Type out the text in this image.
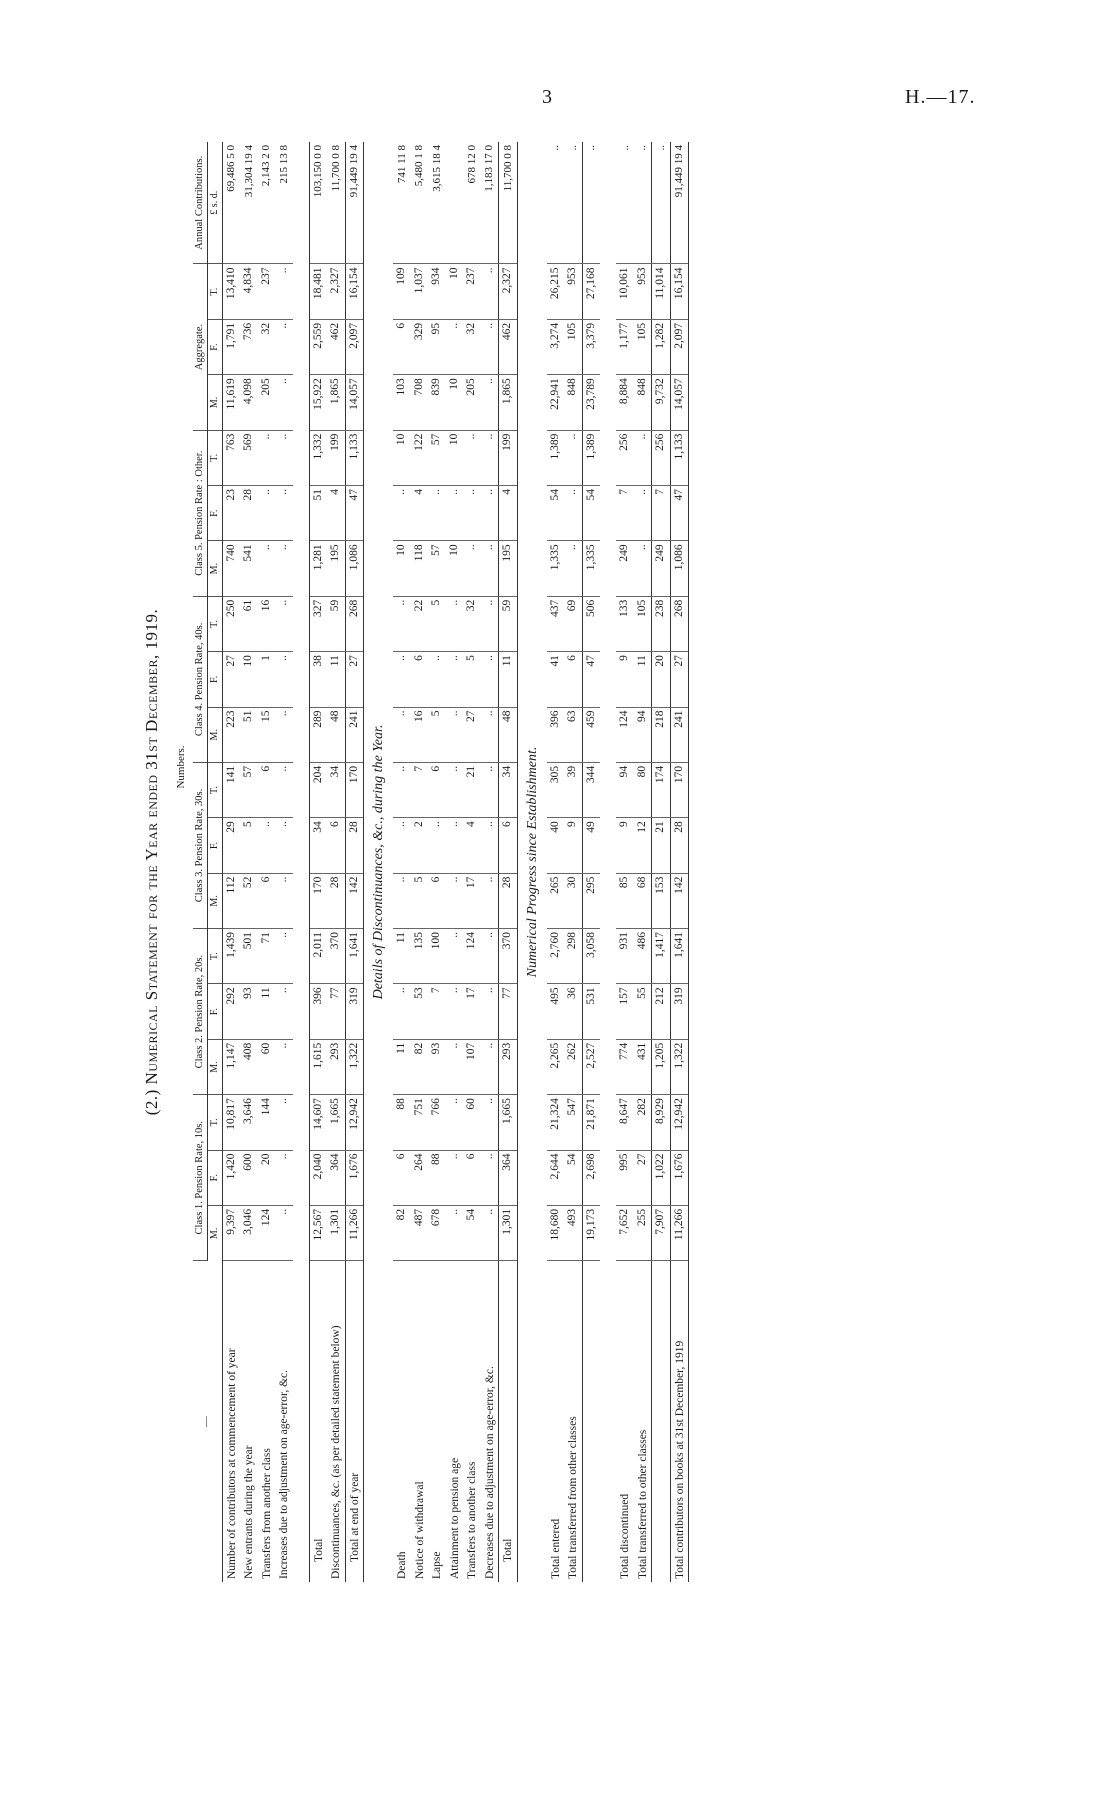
3	H.—17.
(2.) Numerical Statement for the Year ended 31st December, 1919.	Numbers.
—	Class 1. Pension Rate, 10s.			Class 2. Pension Rate, 20s.			Class 3. Pension Rate, 30s.			Class 4. Pension Rate, 40s.			Class 5. Pension Rate : Other.			Aggregate.			Annual Contributions.
	M.	F.	T.	M.	F.	T.	M.	F.	T.	M.	F.	T.	M.	F.	T.	M.	F.	T.	£ s. d.
Number of contributors at commencement of year	9,397	1,420	10,817	1,147	292	1,439	112	29	141	223	27	250	740	23	763	11,619	1,791	13,410	69,486 5 0
New entrants during the year	3,046	600	3,646	408	93	501	52	5	57	51	10	61	541	28	569	4,098	736	4,834	31,304 19 4
Transfers from another class	124	20	144	60	11	71	6	..	6	15	1	16	..	..	..	205	32	237	2,143 2 0
Increases due to adjustment on age-error, &c.	..	..	..	..	..	..	..	..	..	..	..	..	..	..	..	..	..	..	215 13 8

Total	12,567	2,040	14,607	1,615	396	2,011	170	34	204	289	38	327	1,281	51	1,332	15,922	2,559	18,481	103,150 0 0
Discontinuances, &c. (as per detailed statement below)	1,301	364	1,665	293	77	370	28	6	34	48	11	59	195	4	199	1,865	462	2,327	11,700 0 8
Total at end of year	11,266	1,676	12,942	1,322	319	1,641	142	28	170	241	27	268	1,086	47	1,133	14,057	2,097	16,154	91,449 19 4
Details of Discontinuances, &c., during the Year.																			
Death	82	6	88	11	..	11	..	..	..	..	..	..	10	..	10	103	6	109	741 11 8
Notice of withdrawal	487	264	751	82	53	135	5	2	7	16	6	22	118	4	122	708	329	1,037	5,480 1 8
Lapse	678	88	766	93	7	100	6	..	6	5	..	5	57	..	57	839	95	934	3,615 18 4
Attainment to pension age	..	..	..	..	..	..	..	..	..	..	..	..	10	..	10	10	..	10	
Transfers to another class	54	6	60	107	17	124	17	4	21	27	5	32	..	..	..	205	32	237	678 12 0
Decreases due to adjustment on age-error, &c.	..	..	..	..	..	..	..	..	..	..	..	..	..	..	..	..	..	..	1,183 17 0
Total	1,301	364	1,665	293	77	370	28	6	34	48	11	59	195	4	199	1,865	462	2,327	11,700 0 8
Numerical Progress since Establishment.																			
Total entered	18,680	2,644	21,324	2,265	495	2,760	265	40	305	396	41	437	1,335	54	1,389	22,941	3,274	26,215	..
Total transferred from other classes	493	54	547	262	36	298	30	9	39	63	6	69	..	..	..	848	105	953	..
	19,173	2,698	21,871	2,527	531	3,058	295	49	344	459	47	506	1,335	54	1,389	23,789	3,379	27,168	..

Total discontinued	7,652	995	8,647	774	157	931	85	9	94	124	9	133	249	7	256	8,884	1,177	10,061	..
Total transferred to other classes	255	27	282	431	55	486	68	12	80	94	11	105	..	..	..	848	105	953	..
	7,907	1,022	8,929	1,205	212	1,417	153	21	174	218	20	238	249	7	256	9,732	1,282	11,014	..
Total contributors on books at 31st December, 1919	11,266	1,676	12,942	1,322	319	1,641	142	28	170	241	27	268	1,086	47	1,133	14,057	2,097	16,154	91,449 19 4
